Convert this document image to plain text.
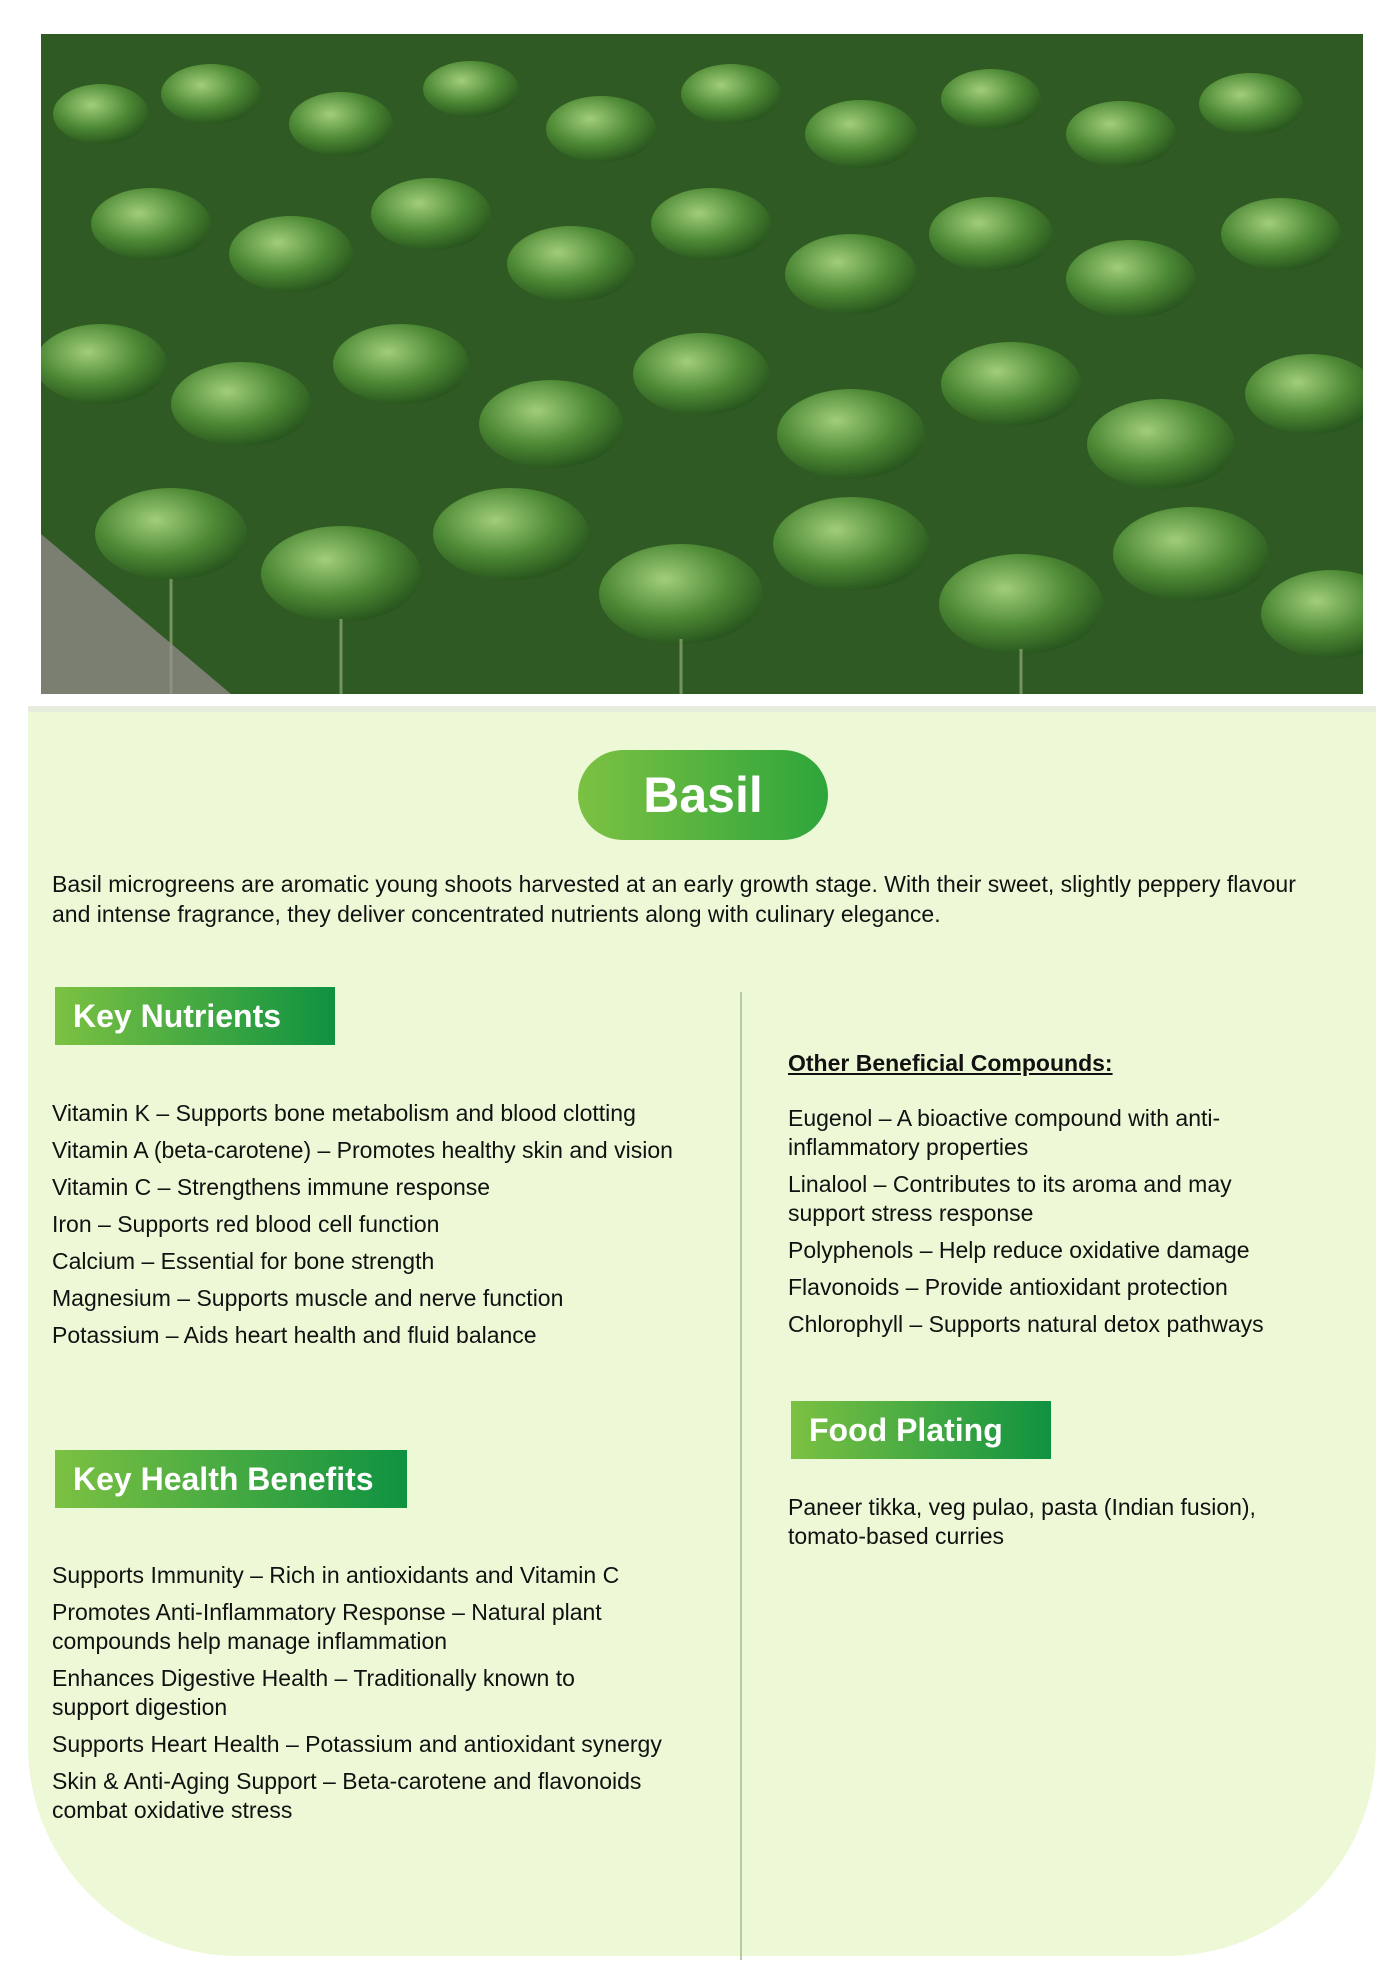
Basil
Basil microgreens are aromatic young shoots harvested at an early growth stage. With their sweet, slightly peppery flavour and intense fragrance, they deliver concentrated nutrients along with culinary elegance.
Key Nutrients
Vitamin K – Supports bone metabolism and blood clotting
Vitamin A (beta-carotene) – Promotes healthy skin and vision
Vitamin C – Strengthens immune response
Iron – Supports red blood cell function
Calcium – Essential for bone strength
Magnesium – Supports muscle and nerve function
Potassium – Aids heart health and fluid balance
Key Health Benefits
Supports Immunity – Rich in antioxidants and Vitamin C
Promotes Anti-Inflammatory Response – Natural plant compounds help manage inflammation
Enhances Digestive Health – Traditionally known to support digestion
Supports Heart Health – Potassium and antioxidant synergy
Skin & Anti-Aging Support – Beta-carotene and flavonoids combat oxidative stress
Other Beneficial Compounds:
Eugenol – A bioactive compound with anti-inflammatory properties
Linalool – Contributes to its aroma and may support stress response
Polyphenols – Help reduce oxidative damage
Flavonoids – Provide antioxidant protection
Chlorophyll – Supports natural detox pathways
Food Plating
Paneer tikka, veg pulao, pasta (Indian fusion), tomato-based curries
